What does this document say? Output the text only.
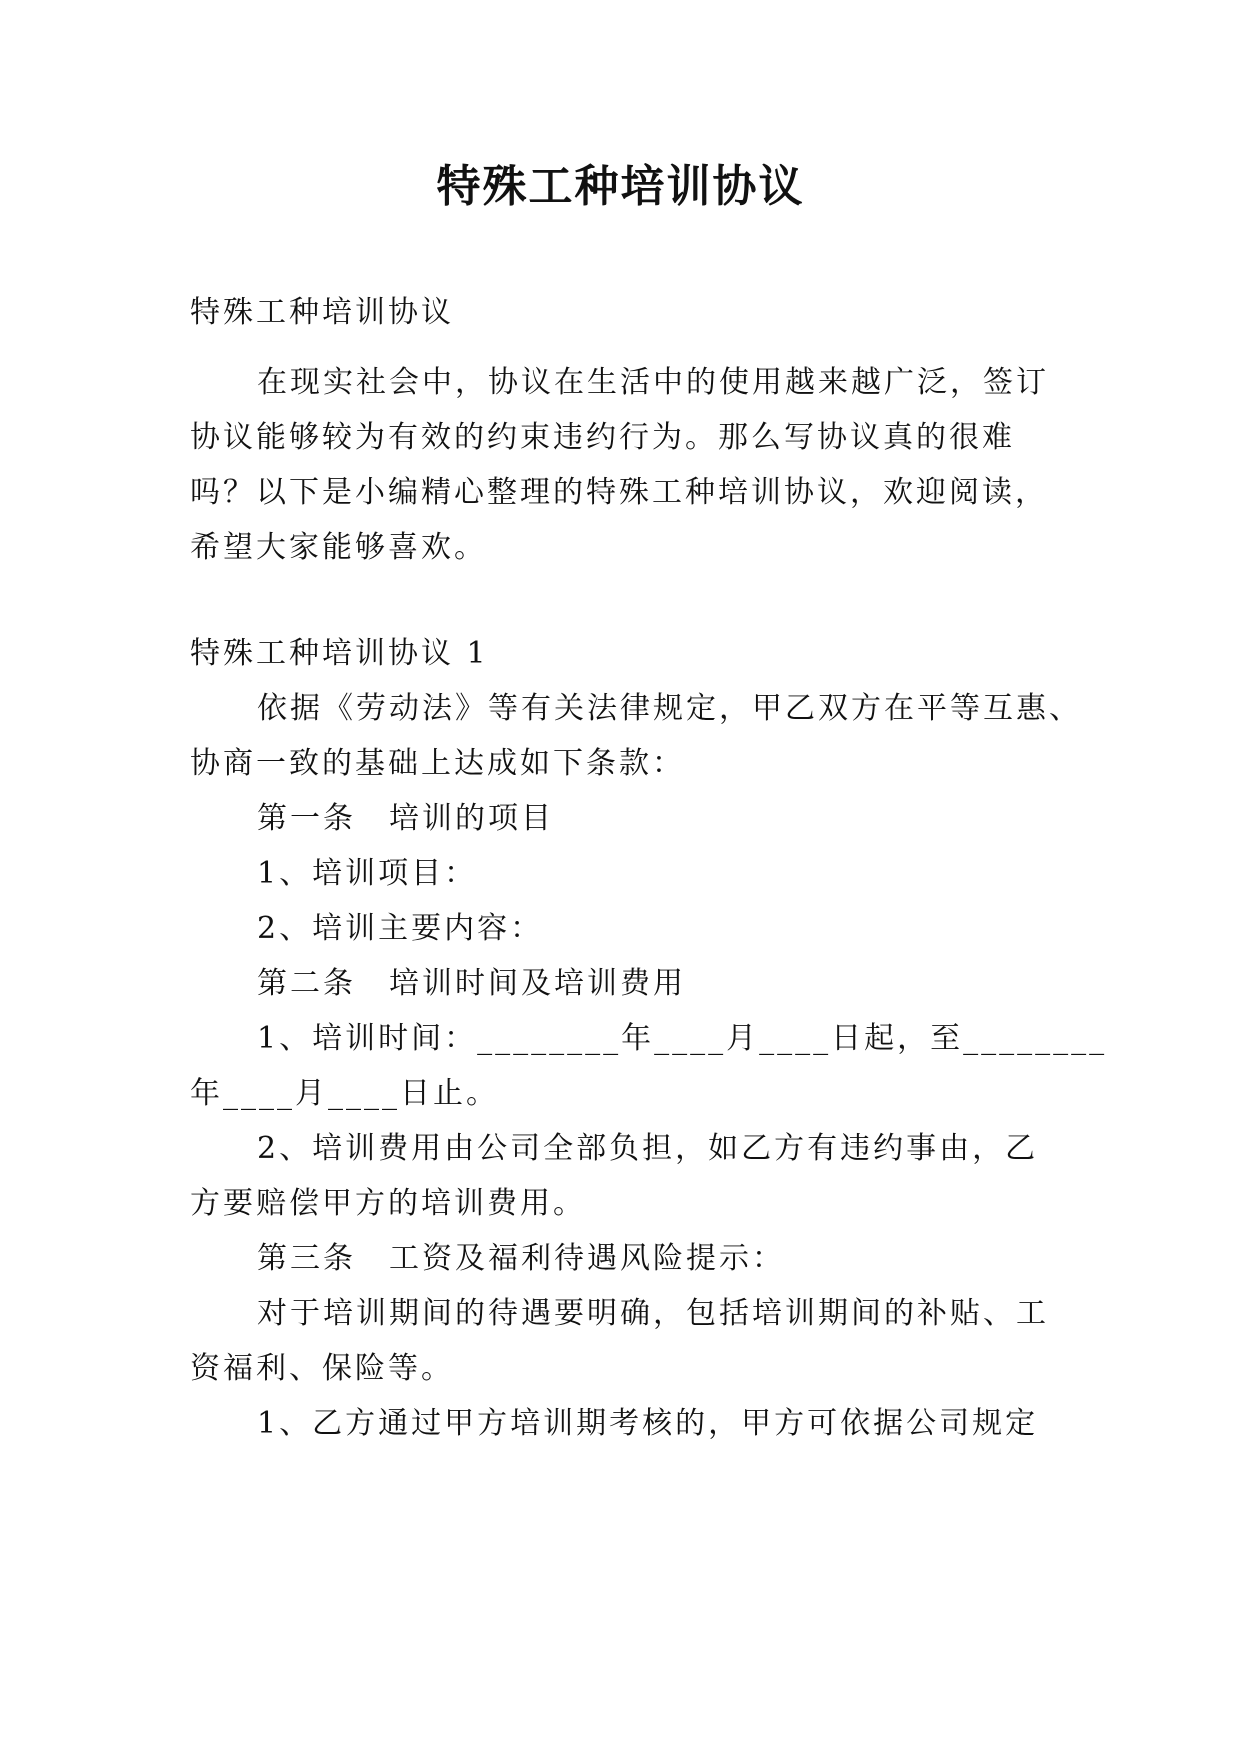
特殊工种培训协议
特殊工种培训协议
在现实社会中，协议在生活中的使用越来越广泛，签订
协议能够较为有效的约束违约行为。那么写协议真的很难
吗？以下是小编精心整理的特殊工种培训协议，欢迎阅读，
希望大家能够喜欢。
特殊工种培训协议 1
依据《劳动法》等有关法律规定，甲乙双方在平等互惠、
协商一致的基础上达成如下条款：
第一条　培训的项目
1、培训项目：
2、培训主要内容：
第二条　培训时间及培训费用
1、培训时间：________年____月____日起，至________
年____月____日止。
2、培训费用由公司全部负担，如乙方有违约事由，乙
方要赔偿甲方的培训费用。
第三条　工资及福利待遇风险提示：
对于培训期间的待遇要明确，包括培训期间的补贴、工
资福利、保险等。
1、乙方通过甲方培训期考核的，甲方可依据公司规定
